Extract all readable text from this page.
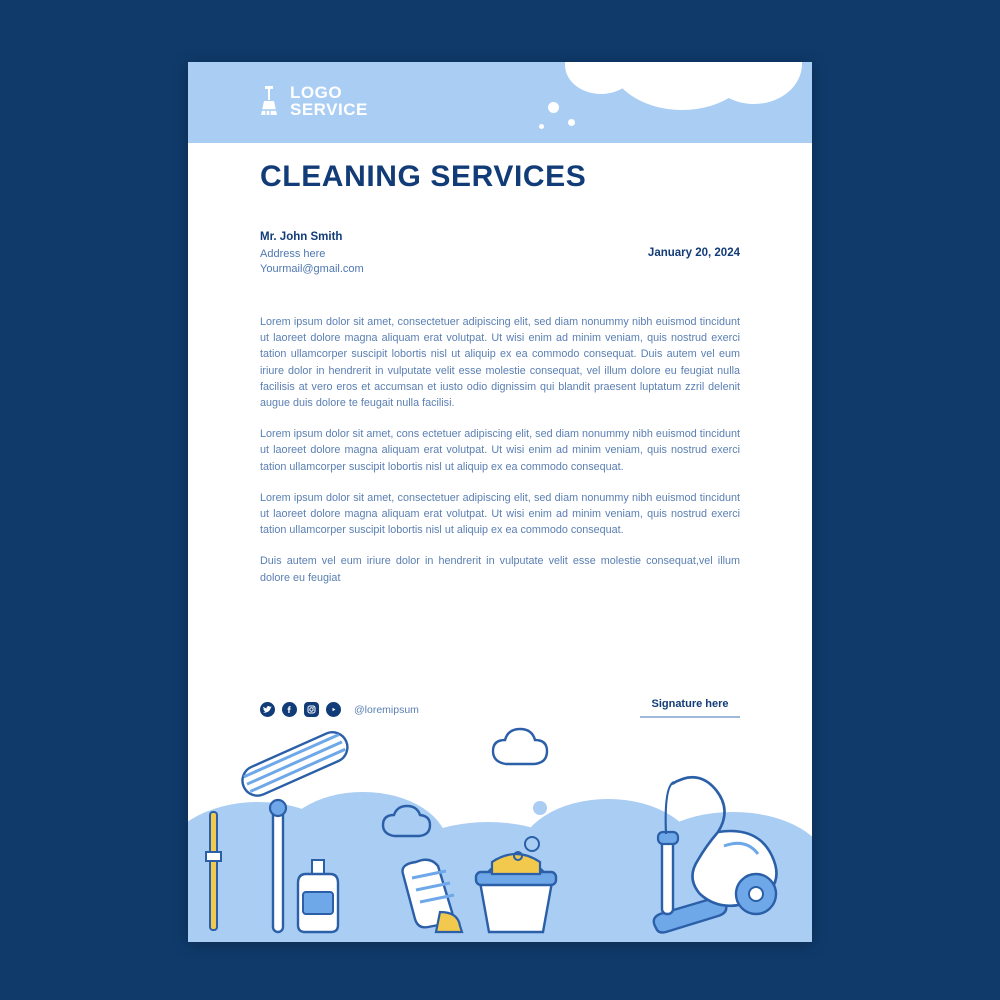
LOGO
SERVICE
CLEANING SERVICES
Mr. John Smith
Address here
Yourmail@gmail.com
January 20, 2024

Lorem ipsum dolor sit amet, consectetuer adipiscing elit, sed diam nonummy nibh euismod tincidunt ut laoreet dolore magna aliquam erat volutpat. Ut wisi enim ad minim veniam, quis nostrud exerci tation ullamcorper suscipit lobortis nisl ut aliquip ex ea commodo consequat. Duis autem vel eum iriure dolor in hendrerit in vulputate velit esse molestie consequat, vel illum dolore eu feugiat nulla facilisis at vero eros et accumsan et iusto odio dignissim qui blandit praesent luptatum zzril delenit augue duis dolore te feugait nulla facilisi.

Lorem ipsum dolor sit amet, cons ectetuer adipiscing elit, sed diam nonummy nibh euismod tincidunt ut laoreet dolore magna aliquam erat volutpat. Ut wisi enim ad minim veniam, quis nostrud exerci tation ullamcorper suscipit lobortis nisl ut aliquip ex ea commodo consequat.

Lorem ipsum dolor sit amet, consectetuer adipiscing elit, sed diam nonummy nibh euismod tincidunt ut laoreet dolore magna aliquam erat volutpat. Ut wisi enim ad minim veniam, quis nostrud exerci tation ullamcorper suscipit lobortis nisl ut aliquip ex ea commodo consequat.

Duis autem vel eum iriure dolor in hendrerit in vulputate velit esse molestie consequat,vel illum dolore eu feugiat

@loremipsum	Signature here
